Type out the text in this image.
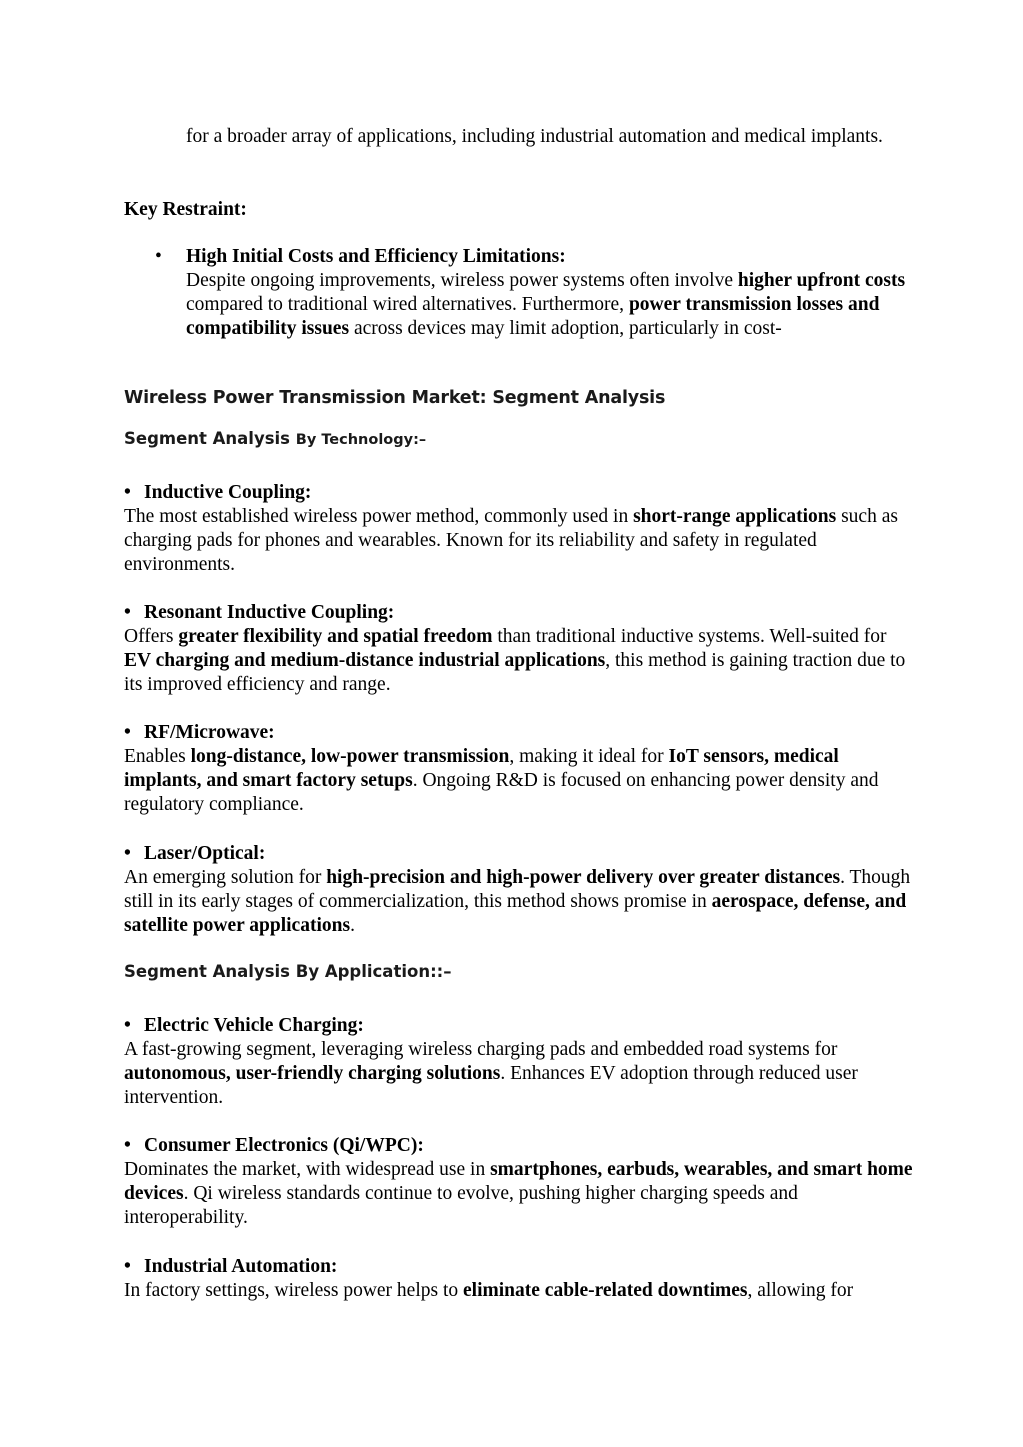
for a broader array of applications, including industrial automation and medical implants.

Key Restraint:

• High Initial Costs and Efficiency Limitations:
Despite ongoing improvements, wireless power systems often involve higher upfront costs compared to traditional wired alternatives. Furthermore, power transmission losses and compatibility issues across devices may limit adoption, particularly in cost-

Wireless Power Transmission Market: Segment Analysis

Segment Analysis By Technology:–

• Inductive Coupling:
The most established wireless power method, commonly used in short-range applications such as charging pads for phones and wearables. Known for its reliability and safety in regulated environments.

• Resonant Inductive Coupling:
Offers greater flexibility and spatial freedom than traditional inductive systems. Well-suited for EV charging and medium-distance industrial applications, this method is gaining traction due to its improved efficiency and range.

• RF/Microwave:
Enables long-distance, low-power transmission, making it ideal for IoT sensors, medical implants, and smart factory setups. Ongoing R&D is focused on enhancing power density and regulatory compliance.

• Laser/Optical:
An emerging solution for high-precision and high-power delivery over greater distances. Though still in its early stages of commercialization, this method shows promise in aerospace, defense, and satellite power applications.

Segment Analysis By Application::–

• Electric Vehicle Charging:
A fast-growing segment, leveraging wireless charging pads and embedded road systems for autonomous, user-friendly charging solutions. Enhances EV adoption through reduced user intervention.

• Consumer Electronics (Qi/WPC):
Dominates the market, with widespread use in smartphones, earbuds, wearables, and smart home devices. Qi wireless standards continue to evolve, pushing higher charging speeds and interoperability.

• Industrial Automation:
In factory settings, wireless power helps to eliminate cable-related downtimes, allowing for
